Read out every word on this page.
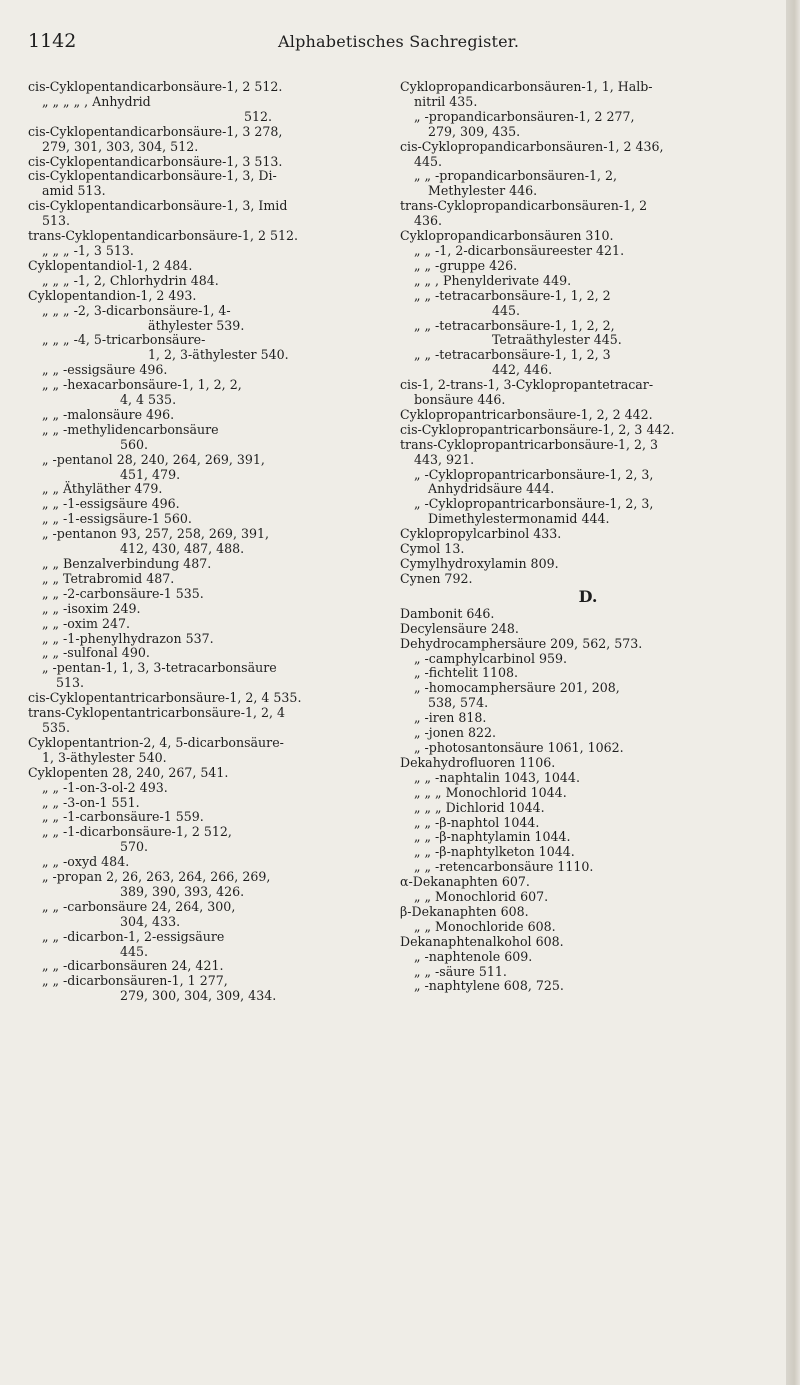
1142	Alphabetisches Sachregister.
cis-Cyklopentandicarbonsäure-1, 2 512.
„ „ „ „ , Anhydrid
512.
cis-Cyklopentandicarbonsäure-1, 3 278,
279, 301, 303, 304, 512.
cis-Cyklopentandicarbonsäure-1, 3 513.
cis-Cyklopentandicarbonsäure-1, 3, Di-
amid 513.
cis-Cyklopentandicarbonsäure-1, 3, Imid
513.
trans-Cyklopentandicarbonsäure-1, 2 512.
„ „ „ -1, 3 513.
Cyklopentandiol-1, 2 484.
„ „ „ -1, 2, Chlorhydrin 484.
Cyklopentandion-1, 2 493.
„ „ „ -2, 3-dicarbonsäure-1, 4-
äthylester 539.
„ „ „ -4, 5-tricarbonsäure-
1, 2, 3-äthylester 540.
„ „ -essigsäure 496.
„ „ -hexacarbonsäure-1, 1, 2, 2,
4, 4 535.
„ „ -malonsäure 496.
„ „ -methylidencarbonsäure
560.
„ -pentanol 28, 240, 264, 269, 391,
451, 479.
„ „ Äthyläther 479.
„ „ -1-essigsäure 496.
„ „ -1-essigsäure-1 560.
„ -pentanon 93, 257, 258, 269, 391,
412, 430, 487, 488.
„ „ Benzalverbindung 487.
„ „ Tetrabromid 487.
„ „ -2-carbonsäure-1 535.
„ „ -isoxim 249.
„ „ -oxim 247.
„ „ -1-phenylhydrazon 537.
„ „ -sulfonal 490.
„ -pentan-1, 1, 3, 3-tetracarbonsäure
513.
cis-Cyklopentantricarbonsäure-1, 2, 4 535.
trans-Cyklopentantricarbonsäure-1, 2, 4
535.
Cyklopentantrion-2, 4, 5-dicarbonsäure-
1, 3-äthylester 540.
Cyklopenten 28, 240, 267, 541.
„ „ -1-on-3-ol-2 493.
„ „ -3-on-1 551.
„ „ -1-carbonsäure-1 559.
„ „ -1-dicarbonsäure-1, 2 512,
570.
„ „ -oxyd 484.
„ -propan 2, 26, 263, 264, 266, 269,
389, 390, 393, 426.
„ „ -carbonsäure 24, 264, 300,
304, 433.
„ „ -dicarbon-1, 2-essigsäure
445.
„ „ -dicarbonsäuren 24, 421.
„ „ -dicarbonsäuren-1, 1 277,
279, 300, 304, 309, 434.
Cyklopropandicarbonsäuren-1, 1, Halb-
nitril 435.
„ -propandicarbonsäuren-1, 2 277,
279, 309, 435.
cis-Cyklopropandicarbonsäuren-1, 2 436,
445.
„ „ -propandicarbonsäuren-1, 2,
Methylester 446.
trans-Cyklopropandicarbonsäuren-1, 2
436.
Cyklopropandicarbonsäuren 310.
„ „ -1, 2-dicarbonsäureester 421.
„ „ -gruppe 426.
„ „ , Phenylderivate 449.
„ „ -tetracarbonsäure-1, 1, 2, 2
445.
„ „ -tetracarbonsäure-1, 1, 2, 2,
Tetraäthylester 445.
„ „ -tetracarbonsäure-1, 1, 2, 3
442, 446.
cis-1, 2-trans-1, 3-Cyklopropantetracar-
bonsäure 446.
Cyklopropantricarbonsäure-1, 2, 2 442.
cis-Cyklopropantricarbonsäure-1, 2, 3 442.
trans-Cyklopropantricarbonsäure-1, 2, 3
443, 921.
„ -Cyklopropantricarbonsäure-1, 2, 3,
Anhydridsäure 444.
„ -Cyklopropantricarbonsäure-1, 2, 3,
Dimethylestermonamid 444.
Cyklopropylcarbinol 433.
Cymol 13.
Cymylhydroxylamin 809.
Cynen 792.
D.
Dambonit 646.
Decylensäure 248.
Dehydrocamphersäure 209, 562, 573.
„ -camphylcarbinol 959.
„ -fichtelit 1108.
„ -homocamphersäure 201, 208,
538, 574.
„ -iren 818.
„ -jonen 822.
„ -photosantonsäure 1061, 1062.
Dekahydrofluoren 1106.
„ „ -naphtalin 1043, 1044.
„ „ „ Monochlorid 1044.
„ „ „ Dichlorid 1044.
„ „ -β-naphtol 1044.
„ „ -β-naphtylamin 1044.
„ „ -β-naphtylketon 1044.
„ „ -retencarbonsäure 1110.
α-Dekanaphten 607.
„ „ Monochlorid 607.
β-Dekanaphten 608.
„ „ Monochloride 608.
Dekanaphtenalkohol 608.
„ -naphtenole 609.
„ „ -säure 511.
„ -naphtylene 608, 725.
